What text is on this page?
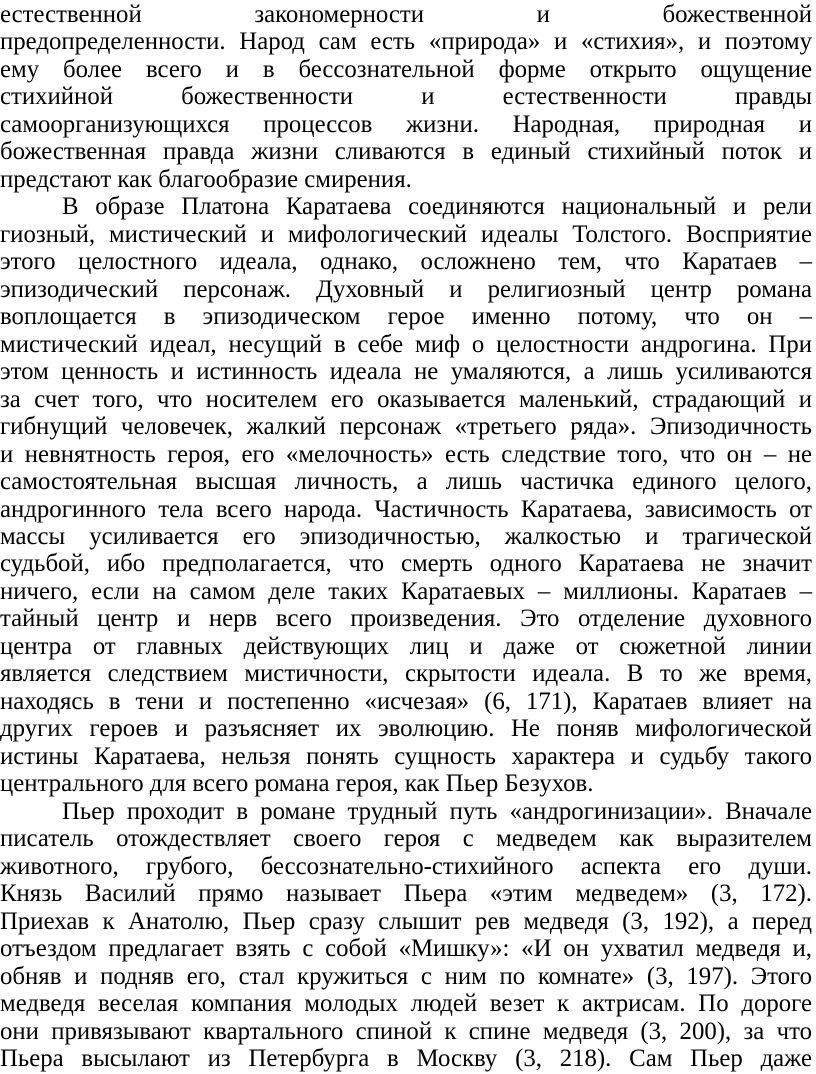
естественной закономерности и божественной
предопределенности. Народ сам есть «природа» и «стихия», и поэтому
ему более всего и в бессознательной форме открыто ощущение
стихийной божественности и естественности правды
самоорганизующихся процессов жизни. Народная, природная и
божественная правда жизни сливаются в единый стихийный поток и
предстают как благообразие смирения.
В образе Платона Каратаева соединяются национальный и рели
гиозный, мистический и мифологический идеалы Толстого. Восприятие
этого целостного идеала, однако, осложнено тем, что Каратаев –
эпизодический персонаж. Духовный и религиозный центр романа
воплощается в эпизодическом герое именно потому, что он –
мистический идеал, несущий в себе миф о целостности андрогина. При
этом ценность и истинность идеала не умаляются, а лишь усиливаются
за счет того, что носителем его оказывается маленький, страдающий и
гибнущий человечек, жалкий персонаж «третьего ряда». Эпизодичность
и невнятность героя, его «мелочность» есть следствие того, что он – не
самостоятельная высшая личность, а лишь частичка единого целого,
андрогинного тела всего народа. Частичность Каратаева, зависимость от
массы усиливается его эпизодичностью, жалкостью и трагической
судьбой, ибо предполагается, что смерть одного Каратаева не значит
ничего, если на самом деле таких Каратаевых – миллионы. Каратаев –
тайный центр и нерв всего произведения. Это отделение духовного
центра от главных действующих лиц и даже от сюжетной линии
является следствием мистичности, скрытости идеала. В то же время,
находясь в тени и постепенно «исчезая» (6, 171), Каратаев влияет на
других героев и разъясняет их эволюцию. Не поняв мифологической
истины Каратаева, нельзя понять сущность характера и судьбу такого
центрального для всего романа героя, как Пьер Безухов.
Пьер проходит в романе трудный путь «андрогинизации». Вначале
писатель отождествляет своего героя с медведем как выразителем
животного, грубого, бессознательно-стихийного аспекта его души.
Князь Василий прямо называет Пьера «этим медведем» (3, 172).
Приехав к Анатолю, Пьер сразу слышит рев медведя (3, 192), а перед
отъездом предлагает взять с собой «Мишку»: «И он ухватил медведя и,
обняв и подняв его, стал кружиться с ним по комнате» (3, 197). Этого
медведя веселая компания молодых людей везет к актрисам. По дороге
они привязывают квартального спиной к спине медведя (3, 200), за что
Пьера высылают из Петербурга в Москву (3, 218). Сам Пьер даже
